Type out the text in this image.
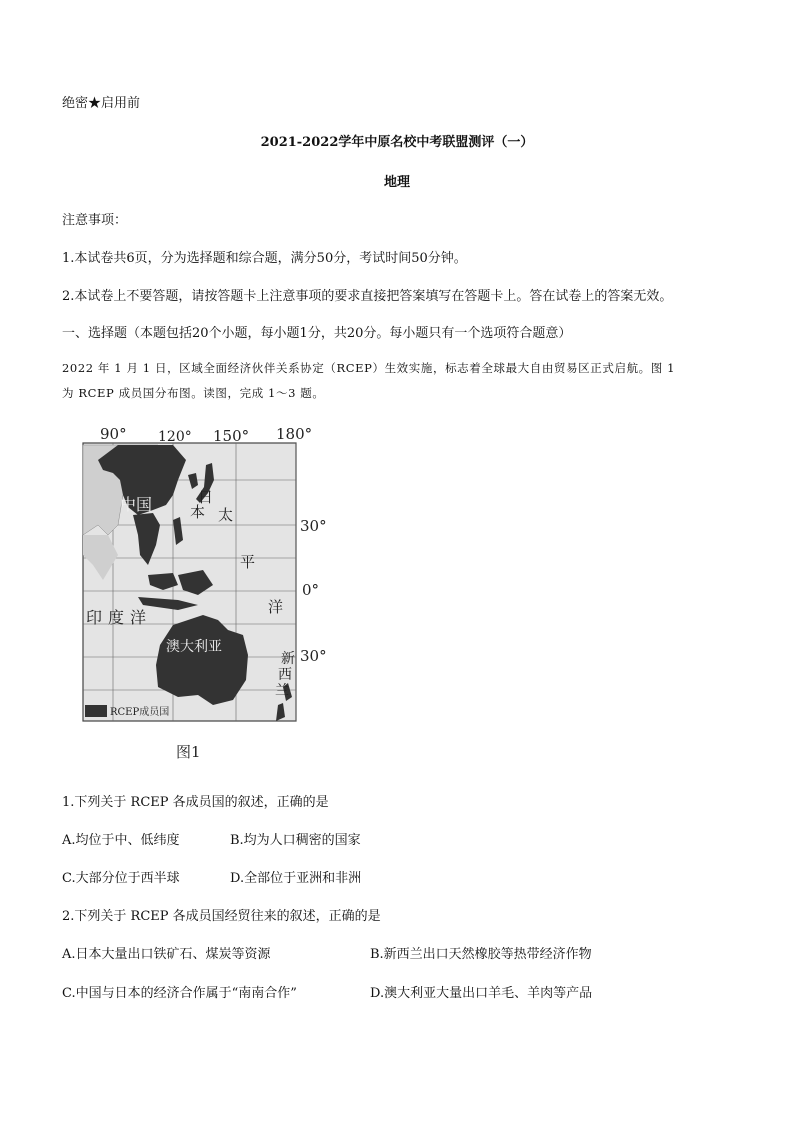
绝密★启用前
2021-2022学年中原名校中考联盟测评（一）
地理
注意事项：
1.本试卷共6页，分为选择题和综合题，满分50分，考试时间50分钟。
2.本试卷上不要答题，请按答题卡上注意事项的要求直接把答案填写在答题卡上。答在试卷上的答案无效。
一、选择题（本题包括20个小题，每小题1分，共20分。每小题只有一个选项符合题意）
2022 年 1 月 1 日，区域全面经济伙伴关系协定（RCEP）生效实施，标志着全球最大自由贸易区正式启航。图 1
为 RCEP 成员国分布图。读图，完成 1～3 题。
90° 120° 150° 180°
30°
0°
30°
中国	日
本 太
平
洋
印度洋
澳大利亚
新
西
兰
RCEP成员国
图1
1.下列关于 RCEP 各成员国的叙述，正确的是
A.均位于中、低纬度	B.均为人口稠密的国家
C.大部分位于西半球	D.全部位于亚洲和非洲
2.下列关于 RCEP 各成员国经贸往来的叙述，正确的是
A.日本大量出口铁矿石、煤炭等资源	B.新西兰出口天然橡胶等热带经济作物
C.中国与日本的经济合作属于“南南合作”	D.澳大利亚大量出口羊毛、羊肉等产品
